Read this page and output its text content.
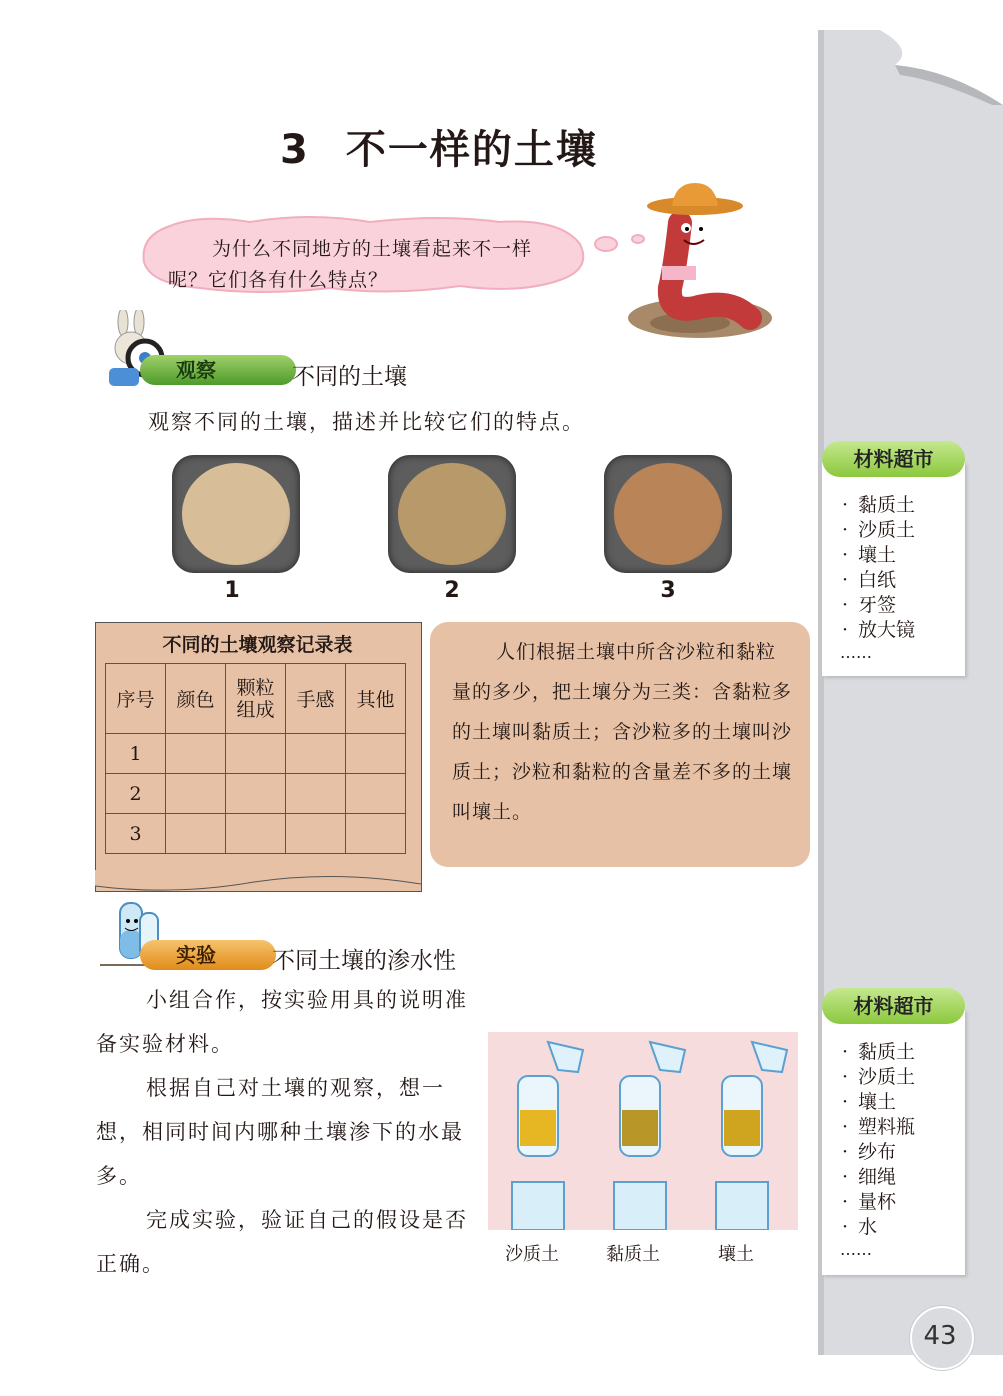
3 不一样的土壤
为什么不同地方的土壤看起来不一样呢？它们各有什么特点？
观察	不同的土壤
观察不同的土壤，描述并比较它们的特点。
1	2	3
不同的土壤观察记录表
序号	颜色	颗粒组成	手感	其他
1				
2				
3				
人们根据土壤中所含沙粒和黏粒量的多少，把土壤分为三类：含黏粒多的土壤叫黏质土；含沙粒多的土壤叫沙质土；沙粒和黏粒的含量差不多的土壤叫壤土。
材料超市
· 黏质土
· 沙质土
· 壤土
· 白纸
· 牙签
· 放大镜
……
实验	不同土壤的渗水性
小组合作，按实验用具的说明准备实验材料。
根据自己对土壤的观察，想一想，相同时间内哪种土壤渗下的水最多。
完成实验，验证自己的假设是否正确。	沙质土	黏质土	壤土
材料超市
· 黏质土
· 沙质土
· 壤土
· 塑料瓶
· 纱布
· 细绳
· 量杯
· 水
……
43
